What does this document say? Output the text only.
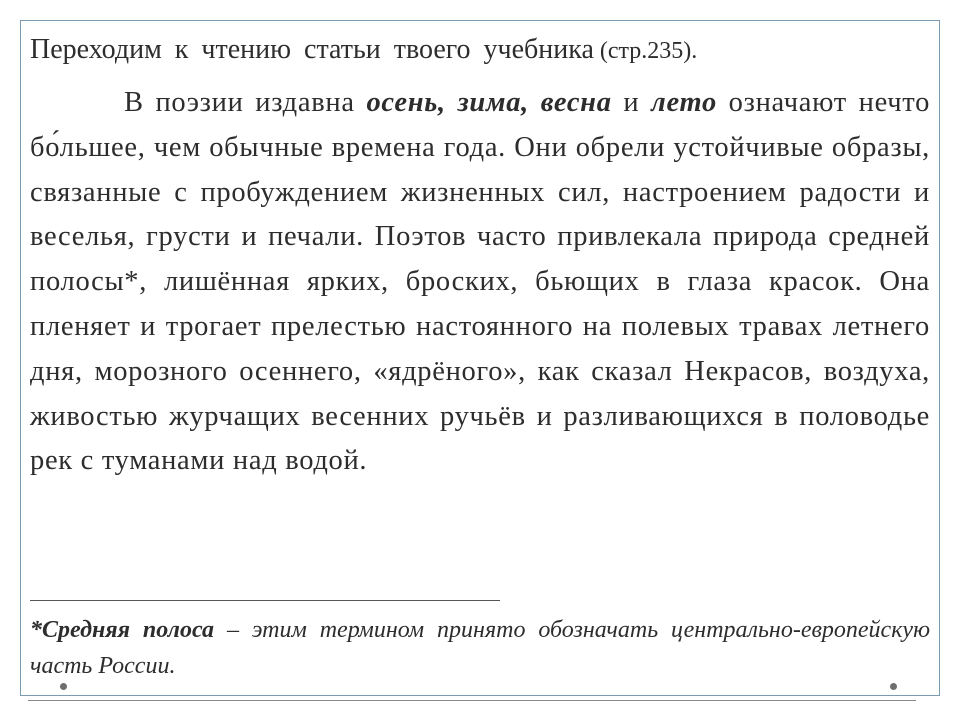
Переходим к чтению статьи твоего учебника (стр.235).

В поэзии издавна осень, зима, весна и лето означают нечто бо́льшее, чем обычные времена года. Они обрели устойчивые образы, связанные с пробуждением жизненных сил, настроением радости и веселья, грусти и печали. Поэтов часто привлекала природа средней полосы*, лишённая ярких, броских, бьющих в глаза красок. Она пленяет и трогает прелестью настоянного на полевых травах летнего дня, морозного осеннего, «ядрёного», как сказал Некрасов, воздуха, живостью журчащих весенних ручьёв и разливающихся в половодье рек с туманами над водой.

*Средняя полоса – этим термином принято обозначать центрально-европейскую часть России.
